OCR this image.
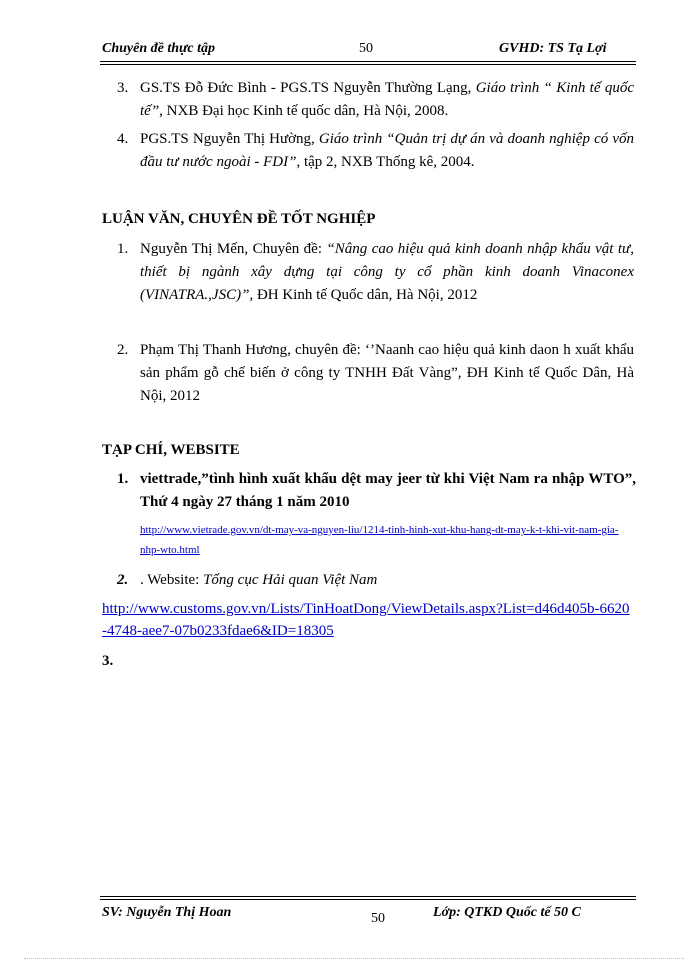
Chuyên đề thực tập	50	GVHD: TS Tạ Lợi
3. GS.TS Đỗ Đức Bình - PGS.TS Nguyễn Thường Lạng, Giáo trình “ Kinh tế quốc tế”, NXB Đại học Kinh tế quốc dân, Hà Nội, 2008.
4. PGS.TS Nguyễn Thị Hường, Giáo trình “Quản trị dự án và doanh nghiệp có vốn đầu tư nước ngoài - FDI”, tập 2, NXB Thống kê, 2004.
LUẬN VĂN, CHUYÊN ĐỀ TỐT NGHIỆP
1. Nguyễn Thị Mến, Chuyên đề: “Nâng cao hiệu quả kinh doanh nhập khẩu vật tư, thiết bị ngành xây dựng tại công ty cổ phần kinh doanh Vinaconex (VINATRA.,JSC)”, ĐH Kinh tế Quốc dân, Hà Nội, 2012
2. Phạm Thị Thanh Hương, chuyên đề: ‘’Naanh cao hiệu quả kinh daon h xuất khẩu sản phẩm gỗ chế biến ở công ty TNHH Đất Vàng”, ĐH Kinh tế Quốc Dân, Hà Nội, 2012
TẠP CHÍ, WEBSITE
1. viettrade,”tình hình xuất khẩu dệt may jeer từ khi Việt Nam ra nhập WTO”, Thứ 4 ngày 27 tháng 1 năm 2010
http://www.vietrade.gov.vn/dt-may-va-nguyen-liu/1214-tinh-hinh-xut-khu-hang-dt-may-k-t-khi-vit-nam-gia-nhp-wto.html
2. . Website: Tổng cục Hải quan Việt Nam
http://www.customs.gov.vn/Lists/TinHoatDong/ViewDetails.aspx?List=d46d405b-6620-4748-aee7-07b0233fdae6&ID=18305
3.
SV: Nguyễn Thị Hoan	50	Lớp: QTKD Quốc tế 50 C
